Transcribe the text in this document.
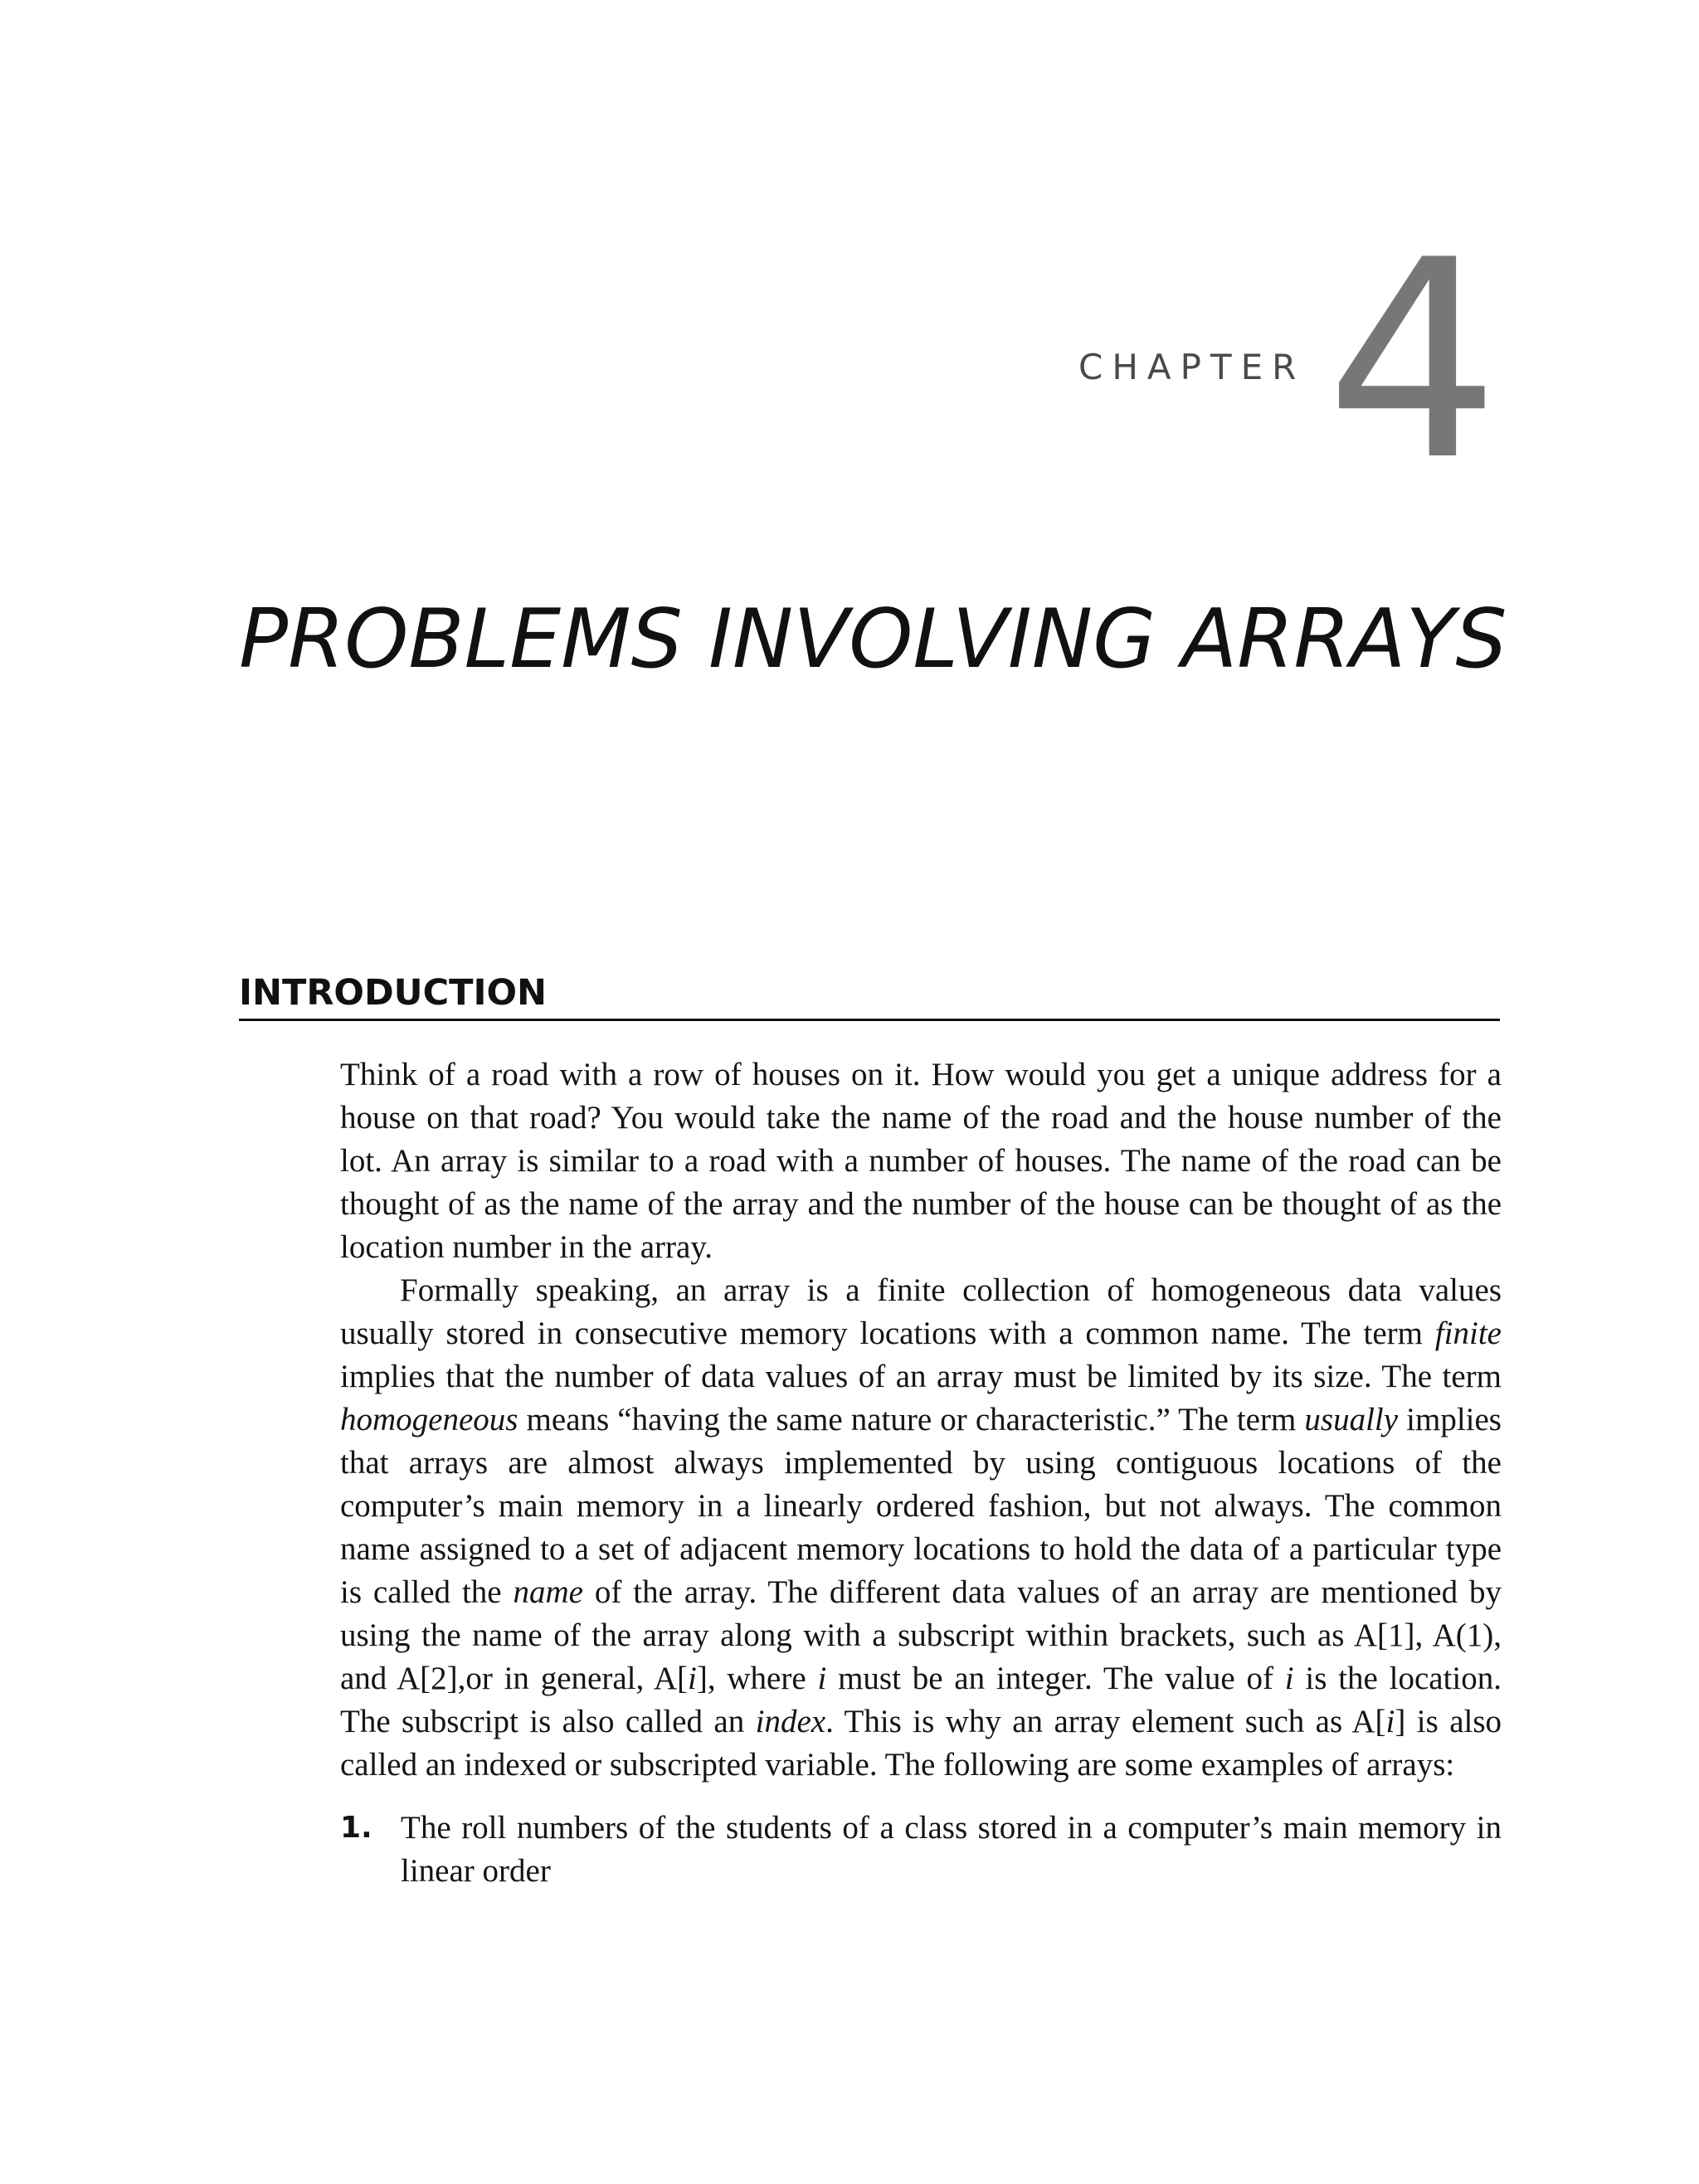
CHAPTER 4
PROBLEMS INVOLVING ARRAYS
INTRODUCTION

Think of a road with a row of houses on it. How would you get a unique address for a house on that road? You would take the name of the road and the house number of the lot. An array is similar to a road with a number of houses. The name of the road can be thought of as the name of the array and the number of the house can be thought of as the location number in the array.

Formally speaking, an array is a finite collection of homogeneous data values usually stored in consecutive memory locations with a common name. The term finite implies that the number of data values of an array must be limited by its size. The term homogeneous means “having the same nature or characteristic.” The term usually implies that arrays are almost always implemented by using contiguous locations of the computer’s main memory in a linearly ordered fashion, but not always. The common name assigned to a set of adjacent memory locations to hold the data of a particular type is called the name of the array. The different data values of an array are mentioned by using the name of the array along with a subscript within brackets, such as A[1], A(1), and A[2],or in general, A[i], where i must be an integer. The value of i is the location. The subscript is also called an index. This is why an array element such as A[i] is also called an indexed or subscripted variable. The following are some examples of arrays:

1. The roll numbers of the students of a class stored in a computer’s main memory in linear order
